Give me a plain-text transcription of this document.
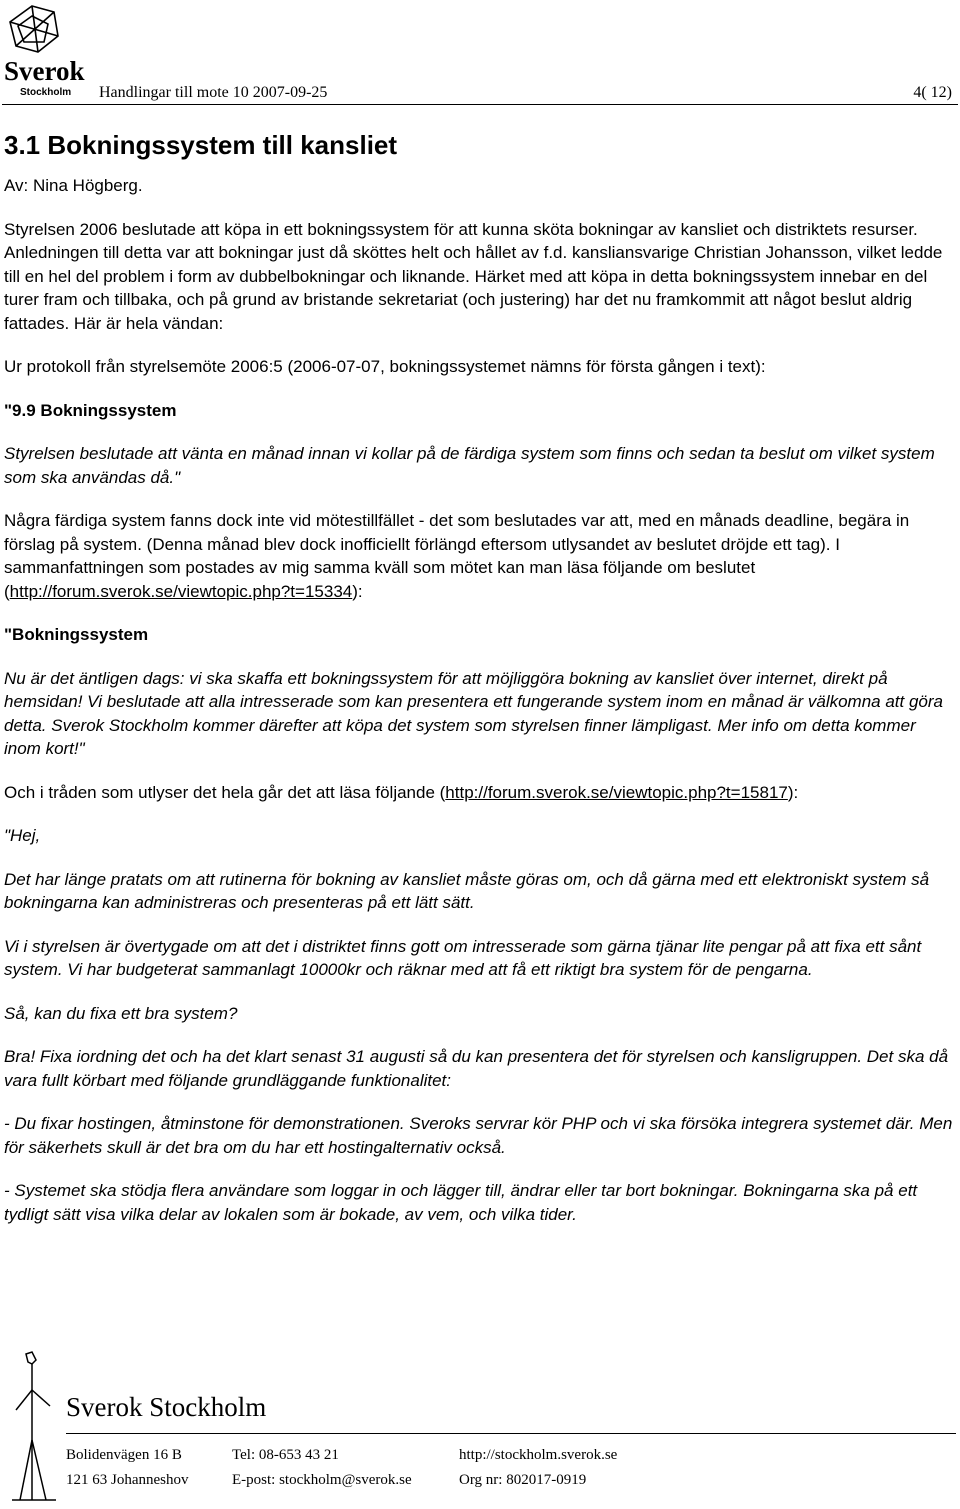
Sverok
Stockholm Handlingar till mote 10 2007-09-25	4( 12)
3.1 Bokningssystem till kansliet

Av: Nina Högberg.

Styrelsen 2006 beslutade att köpa in ett bokningssystem för att kunna sköta bokningar av kansliet och distriktets resurser. Anledningen till detta var att bokningar just då sköttes helt och hållet av f.d. kansliansvarige Christian Johansson, vilket ledde till en hel del problem i form av dubbelbokningar och liknande. Härket med att köpa in detta bokningssystem innebar en del turer fram och tillbaka, och på grund av bristande sekretariat (och justering) har det nu framkommit att något beslut aldrig fattades. Här är hela vändan:

Ur protokoll från styrelsemöte 2006:5 (2006-07-07, bokningssystemet nämns för första gången i text):

"9.9 Bokningssystem

Styrelsen beslutade att vänta en månad innan vi kollar på de färdiga system som finns och sedan ta beslut om vilket system som ska användas då."

Några färdiga system fanns dock inte vid mötestillfället - det som beslutades var att, med en månads deadline, begära in förslag på system. (Denna månad blev dock inofficiellt förlängd eftersom utlysandet av beslutet dröjde ett tag). I sammanfattningen som postades av mig samma kväll som mötet kan man läsa följande om beslutet (http://forum.sverok.se/viewtopic.php?t=15334):

"Bokningssystem

Nu är det äntligen dags: vi ska skaffa ett bokningssystem för att möjliggöra bokning av kansliet över internet, direkt på hemsidan! Vi beslutade att alla intresserade som kan presentera ett fungerande system inom en månad är välkomna att göra detta. Sverok Stockholm kommer därefter att köpa det system som styrelsen finner lämpligast. Mer info om detta kommer inom kort!"

Och i tråden som utlyser det hela går det att läsa följande (http://forum.sverok.se/viewtopic.php?t=15817):

"Hej,

Det har länge pratats om att rutinerna för bokning av kansliet måste göras om, och då gärna med ett elektroniskt system så bokningarna kan administreras och presenteras på ett lätt sätt.

Vi i styrelsen är övertygade om att det i distriktet finns gott om intresserade som gärna tjänar lite pengar på att fixa ett sånt system. Vi har budgeterat sammanlagt 10000kr och räknar med att få ett riktigt bra system för de pengarna.

Så, kan du fixa ett bra system?

Bra! Fixa iordning det och ha det klart senast 31 augusti så du kan presentera det för styrelsen och kansligruppen. Det ska då vara fullt körbart med följande grundläggande funktionalitet:

- Du fixar hostingen, åtminstone för demonstrationen. Sveroks servrar kör PHP och vi ska försöka integrera systemet där. Men för säkerhets skull är det bra om du har ett hostingalternativ också.

- Systemet ska stödja flera användare som loggar in och lägger till, ändrar eller tar bort bokningar. Bokningarna ska på ett tydligt sätt visa vilka delar av lokalen som är bokade, av vem, och vilka tider.

Sverok Stockholm
Bolidenvägen 16 B
121 63 Johanneshov
Tel: 08-653 43 21
E-post: stockholm@sverok.se
http://stockholm.sverok.se
Org nr: 802017-0919
